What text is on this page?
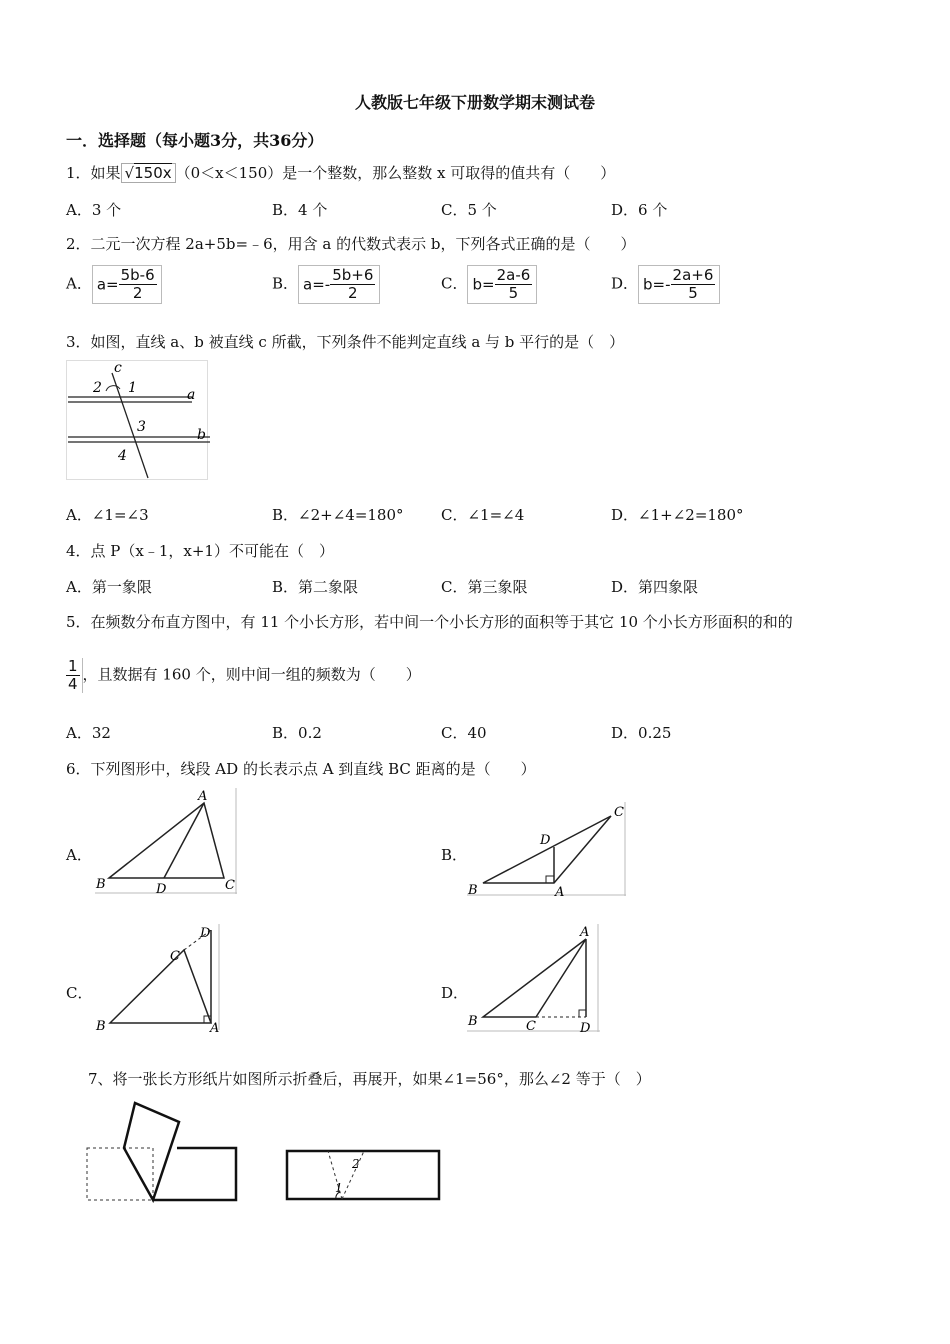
人教版七年级下册数学期末测试卷
一．选择题（每小题3分，共36分）
1．如果 √150x （0＜x＜150）是一个整数，那么整数 x 可取得的值共有（　　）
A．3 个	B．4 个	C．5 个	D．6 个
2．二元一次方程 2a+5b=﹣6，用含 a 的代数式表示 b，下列各式正确的是（　　）
A． $a= \frac{5b-6}{2}$	B． $a=- \frac{5b+6}{2}$	C． $b= \frac{2a-6}{5}$	D． $b=- \frac{2a+6}{5}$
3．如图，直线 a、b 被直线 c 所截，下列条件不能判定直线 a 与 b 平行的是（　）
c
2 1	a
3	b
4
A．∠1=∠3	B．∠2+∠4=180° C．∠1=∠4	D．∠1+∠2=180°
4．点 P（x﹣1，x+1）不可能在（　）
A．第一象限	B．第二象限	C．第三象限	D．第四象限
5．在频数分布直方图中，有 11 个小长方形，若中间一个小长方形的面积等于其它 10 个小长方形面积的和的
$\frac{1}{4}$ ，且数据有 160 个，则中间一组的频数为（　　）
A．32	B．0.2	C．40	D．0.25
6．下列图形中，线段 AD 的长表示点 A 到直线 BC 距离的是（　　）
A．
A
B	D	C
B．
C
D
B	A
C．
C
D
B	A
D．
A
B	C	D
7、将一张长方形纸片如图所示折叠后，再展开，如果∠1=56°，那么∠2 等于（　）
2
1
